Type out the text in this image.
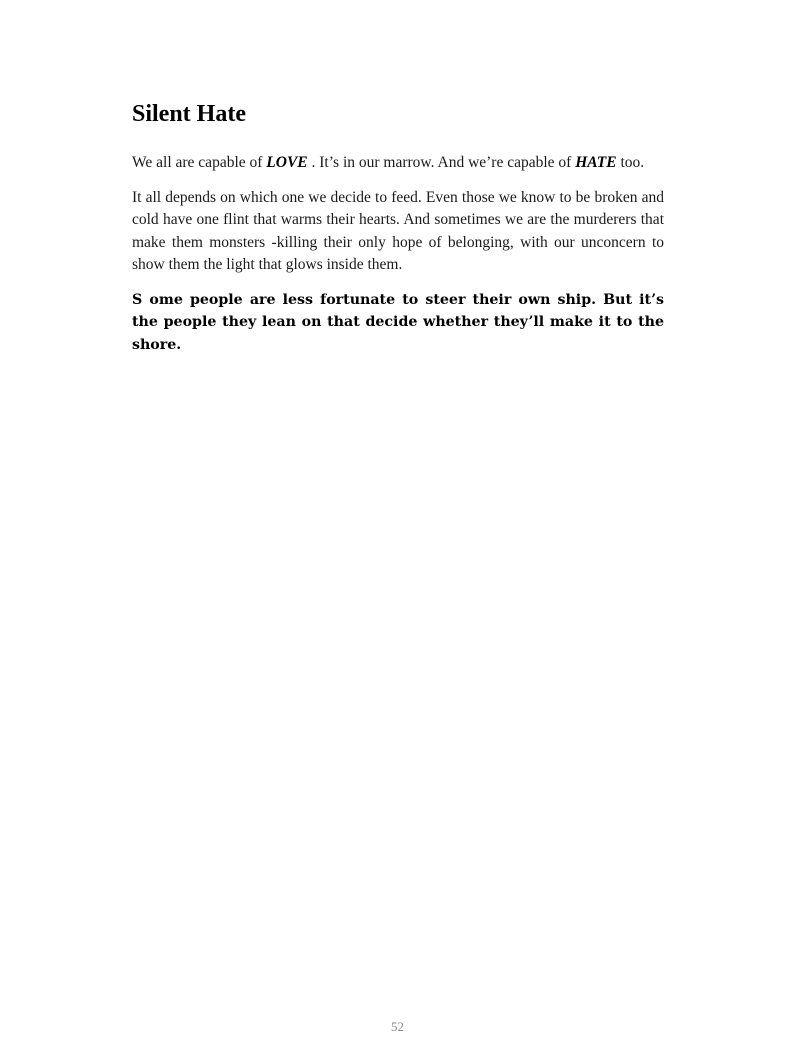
Silent Hate

We all are capable of LOVE . It’s in our marrow. And we’re capable of HATE too.

It all depends on which one we decide to feed. Even those we know to be broken and cold have one flint that warms their hearts. And sometimes we are the murderers that make them monsters -killing their only hope of belonging, with our unconcern to show them the light that glows inside them.

S ome people are less fortunate to steer their own ship. But it’s the people they lean on that decide whether they’ll make it to the shore.

52
